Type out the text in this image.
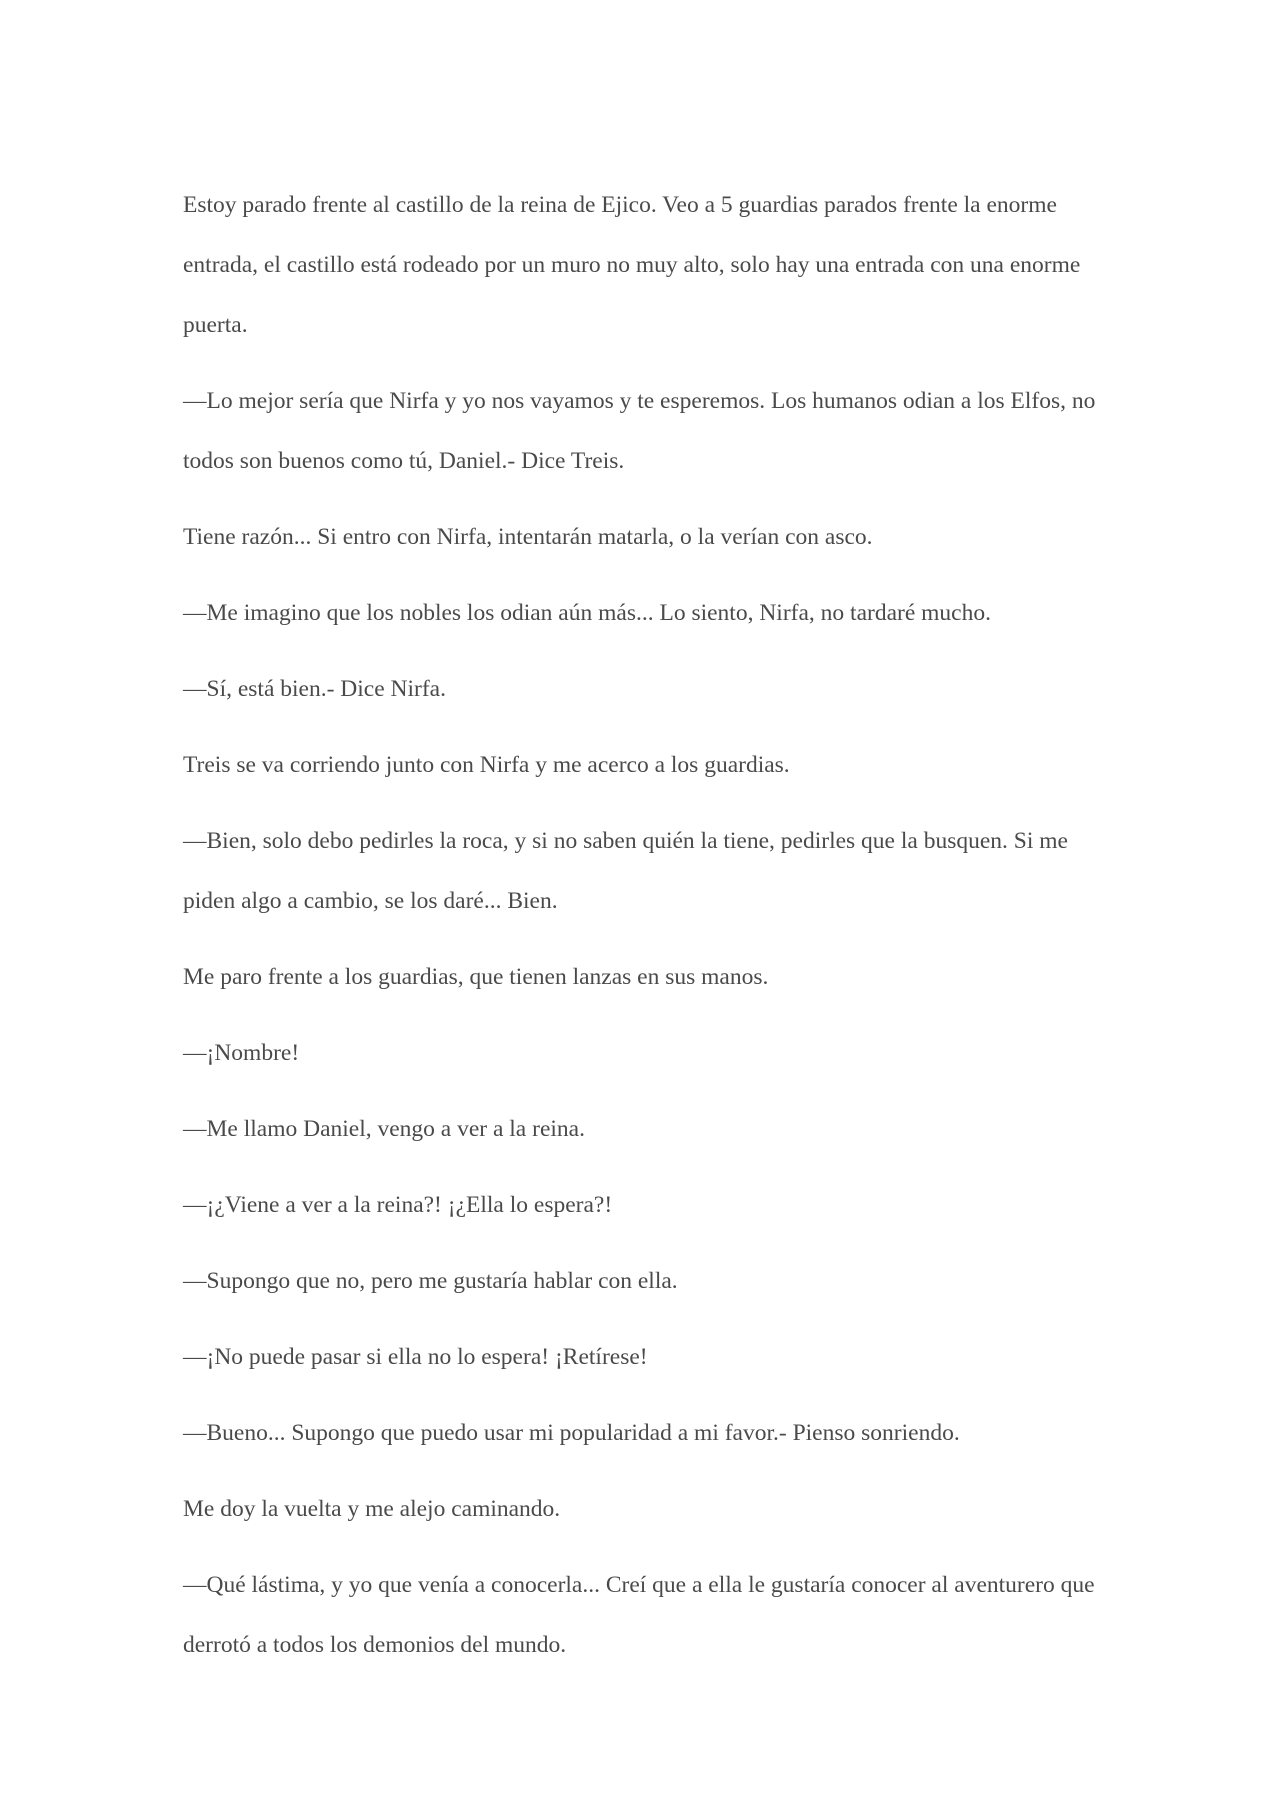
Estoy parado frente al castillo de la reina de Ejico. Veo a 5 guardias parados frente la enorme entrada, el castillo está rodeado por un muro no muy alto, solo hay una entrada con una enorme puerta.

—Lo mejor sería que Nirfa y yo nos vayamos y te esperemos. Los humanos odian a los Elfos, no todos son buenos como tú, Daniel.- Dice Treis.

Tiene razón... Si entro con Nirfa, intentarán matarla, o la verían con asco.

—Me imagino que los nobles los odian aún más... Lo siento, Nirfa, no tardaré mucho.

—Sí, está bien.- Dice Nirfa.

Treis se va corriendo junto con Nirfa y me acerco a los guardias.

—Bien, solo debo pedirles la roca, y si no saben quién la tiene, pedirles que la busquen. Si me piden algo a cambio, se los daré... Bien.

Me paro frente a los guardias, que tienen lanzas en sus manos.

—¡Nombre!

—Me llamo Daniel, vengo a ver a la reina.

—¡¿Viene a ver a la reina?! ¡¿Ella lo espera?!

—Supongo que no, pero me gustaría hablar con ella.

—¡No puede pasar si ella no lo espera! ¡Retírese!

—Bueno... Supongo que puedo usar mi popularidad a mi favor.- Pienso sonriendo.

Me doy la vuelta y me alejo caminando.

—Qué lástima, y yo que venía a conocerla... Creí que a ella le gustaría conocer al aventurero que derrotó a todos los demonios del mundo.
